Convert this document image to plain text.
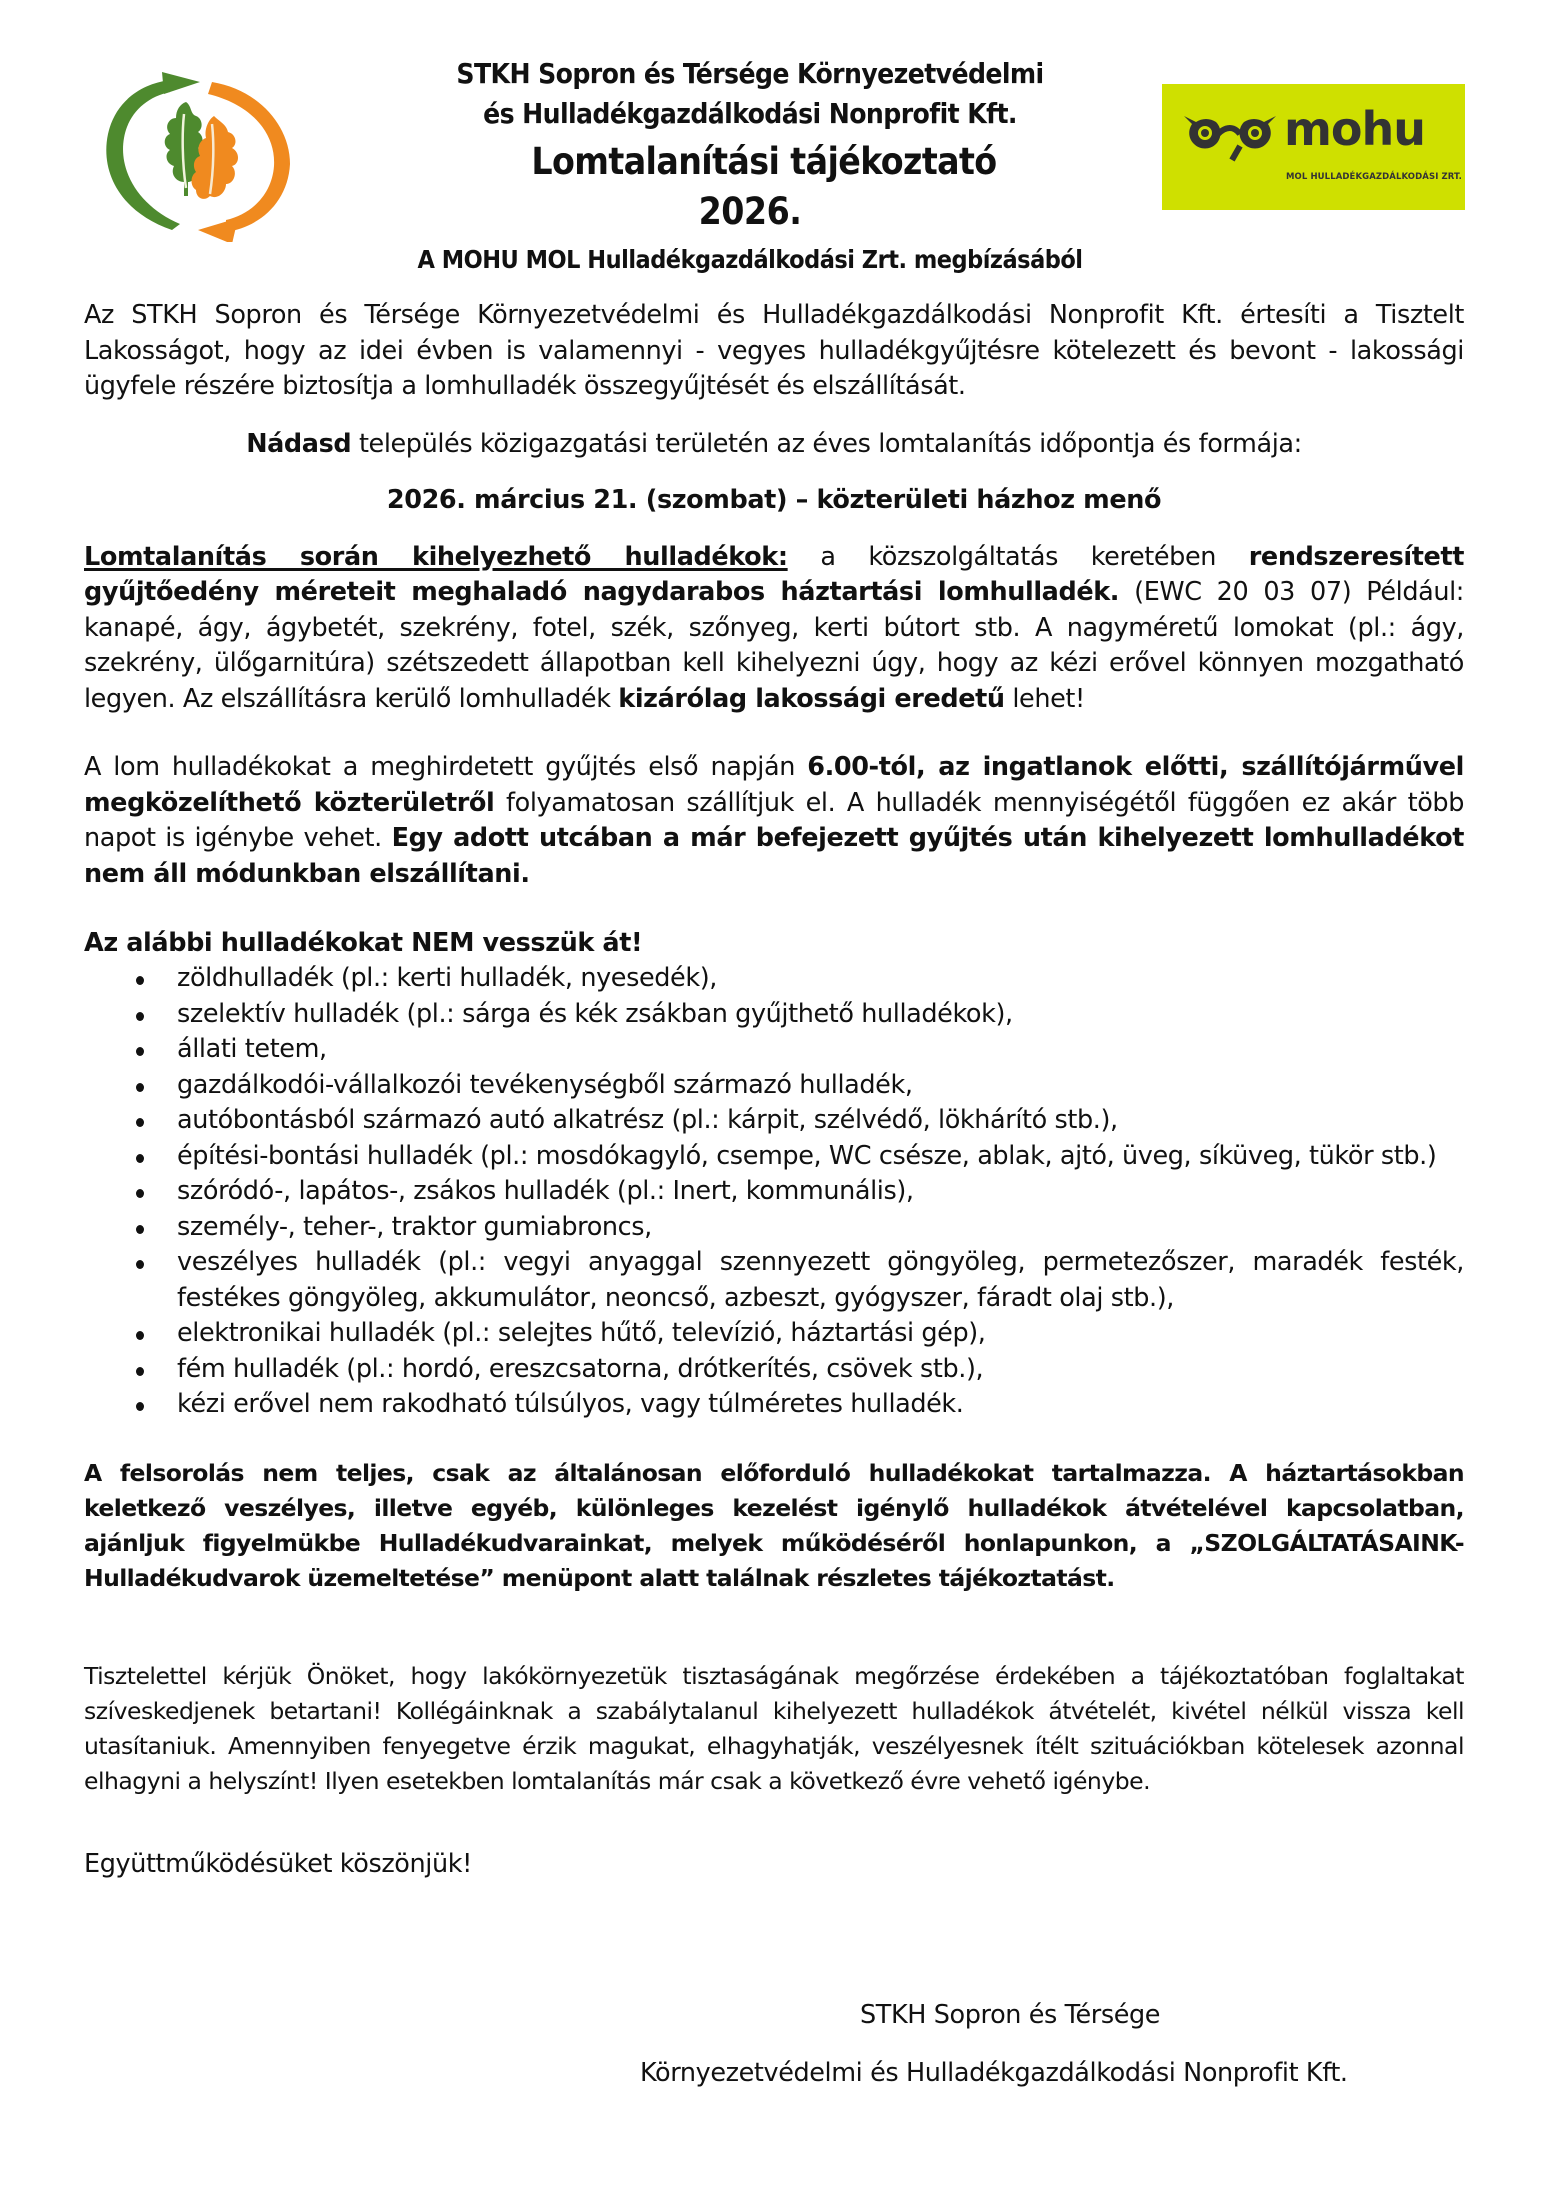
STKH Sopron és Térsége Környezetvédelmi
és Hulladékgazdálkodási Nonprofit Kft.
Lomtalanítási tájékoztató
2026.
A MOHU MOL Hulladékgazdálkodási Zrt. megbízásából
mohu
MOL HULLADÉKGAZDÁLKODÁSI ZRT.

Az STKH Sopron és Térsége Környezetvédelmi és Hulladékgazdálkodási Nonprofit Kft. értesíti a Tisztelt Lakosságot, hogy az idei évben is valamennyi - vegyes hulladékgyűjtésre kötelezett és bevont - lakossági ügyfele részére biztosítja a lomhulladék összegyűjtését és elszállítását.

Nádasd település közigazgatási területén az éves lomtalanítás időpontja és formája:

2026. március 21. (szombat) – közterületi házhoz menő

Lomtalanítás során kihelyezhető hulladékok: a közszolgáltatás keretében rendszeresített gyűjtőedény méreteit meghaladó nagydarabos háztartási lomhulladék. (EWC 20 03 07) Például: kanapé, ágy, ágybetét, szekrény, fotel, szék, szőnyeg, kerti bútort stb. A nagyméretű lomokat (pl.: ágy, szekrény, ülőgarnitúra) szétszedett állapotban kell kihelyezni úgy, hogy az kézi erővel könnyen mozgatható legyen. Az elszállításra kerülő lomhulladék kizárólag lakossági eredetű lehet!

A lom hulladékokat a meghirdetett gyűjtés első napján 6.00-tól, az ingatlanok előtti, szállítójárművel megközelíthető közterületről folyamatosan szállítjuk el. A hulladék mennyiségétől függően ez akár több napot is igénybe vehet. Egy adott utcában a már befejezett gyűjtés után kihelyezett lomhulladékot nem áll módunkban elszállítani.

Az alábbi hulladékokat NEM vesszük át!
zöldhulladék (pl.: kerti hulladék, nyesedék),
szelektív hulladék (pl.: sárga és kék zsákban gyűjthető hulladékok),
állati tetem,
gazdálkodói-vállalkozói tevékenységből származó hulladék,
autóbontásból származó autó alkatrész (pl.: kárpit, szélvédő, lökhárító stb.),
építési-bontási hulladék (pl.: mosdókagyló, csempe, WC csésze, ablak, ajtó, üveg, síküveg, tükör stb.)
szóródó-, lapátos-, zsákos hulladék (pl.: Inert, kommunális),
személy-, teher-, traktor gumiabroncs,
veszélyes hulladék (pl.: vegyi anyaggal szennyezett göngyöleg, permetezőszer, maradék festék, festékes göngyöleg, akkumulátor, neoncső, azbeszt, gyógyszer, fáradt olaj stb.),
elektronikai hulladék (pl.: selejtes hűtő, televízió, háztartási gép),
fém hulladék (pl.: hordó, ereszcsatorna, drótkerítés, csövek stb.),
kézi erővel nem rakodható túlsúlyos, vagy túlméretes hulladék.

A felsorolás nem teljes, csak az általánosan előforduló hulladékokat tartalmazza. A háztartásokban keletkező veszélyes, illetve egyéb, különleges kezelést igénylő hulladékok átvételével kapcsolatban, ajánljuk figyelmükbe Hulladékudvarainkat, melyek működéséről honlapunkon, a „SZOLGÁLTATÁSAINK-Hulladékudvarok üzemeltetése” menüpont alatt találnak részletes tájékoztatást.

Tisztelettel kérjük Önöket, hogy lakókörnyezetük tisztaságának megőrzése érdekében a tájékoztatóban foglaltakat szíveskedjenek betartani! Kollégáinknak a szabálytalanul kihelyezett hulladékok átvételét, kivétel nélkül vissza kell utasítaniuk. Amennyiben fenyegetve érzik magukat, elhagyhatják, veszélyesnek ítélt szituációkban kötelesek azonnal elhagyni a helyszínt! Ilyen esetekben lomtalanítás már csak a következő évre vehető igénybe.

Együttműködésüket köszönjük!

STKH Sopron és Térsége
Környezetvédelmi és Hulladékgazdálkodási Nonprofit Kft.
